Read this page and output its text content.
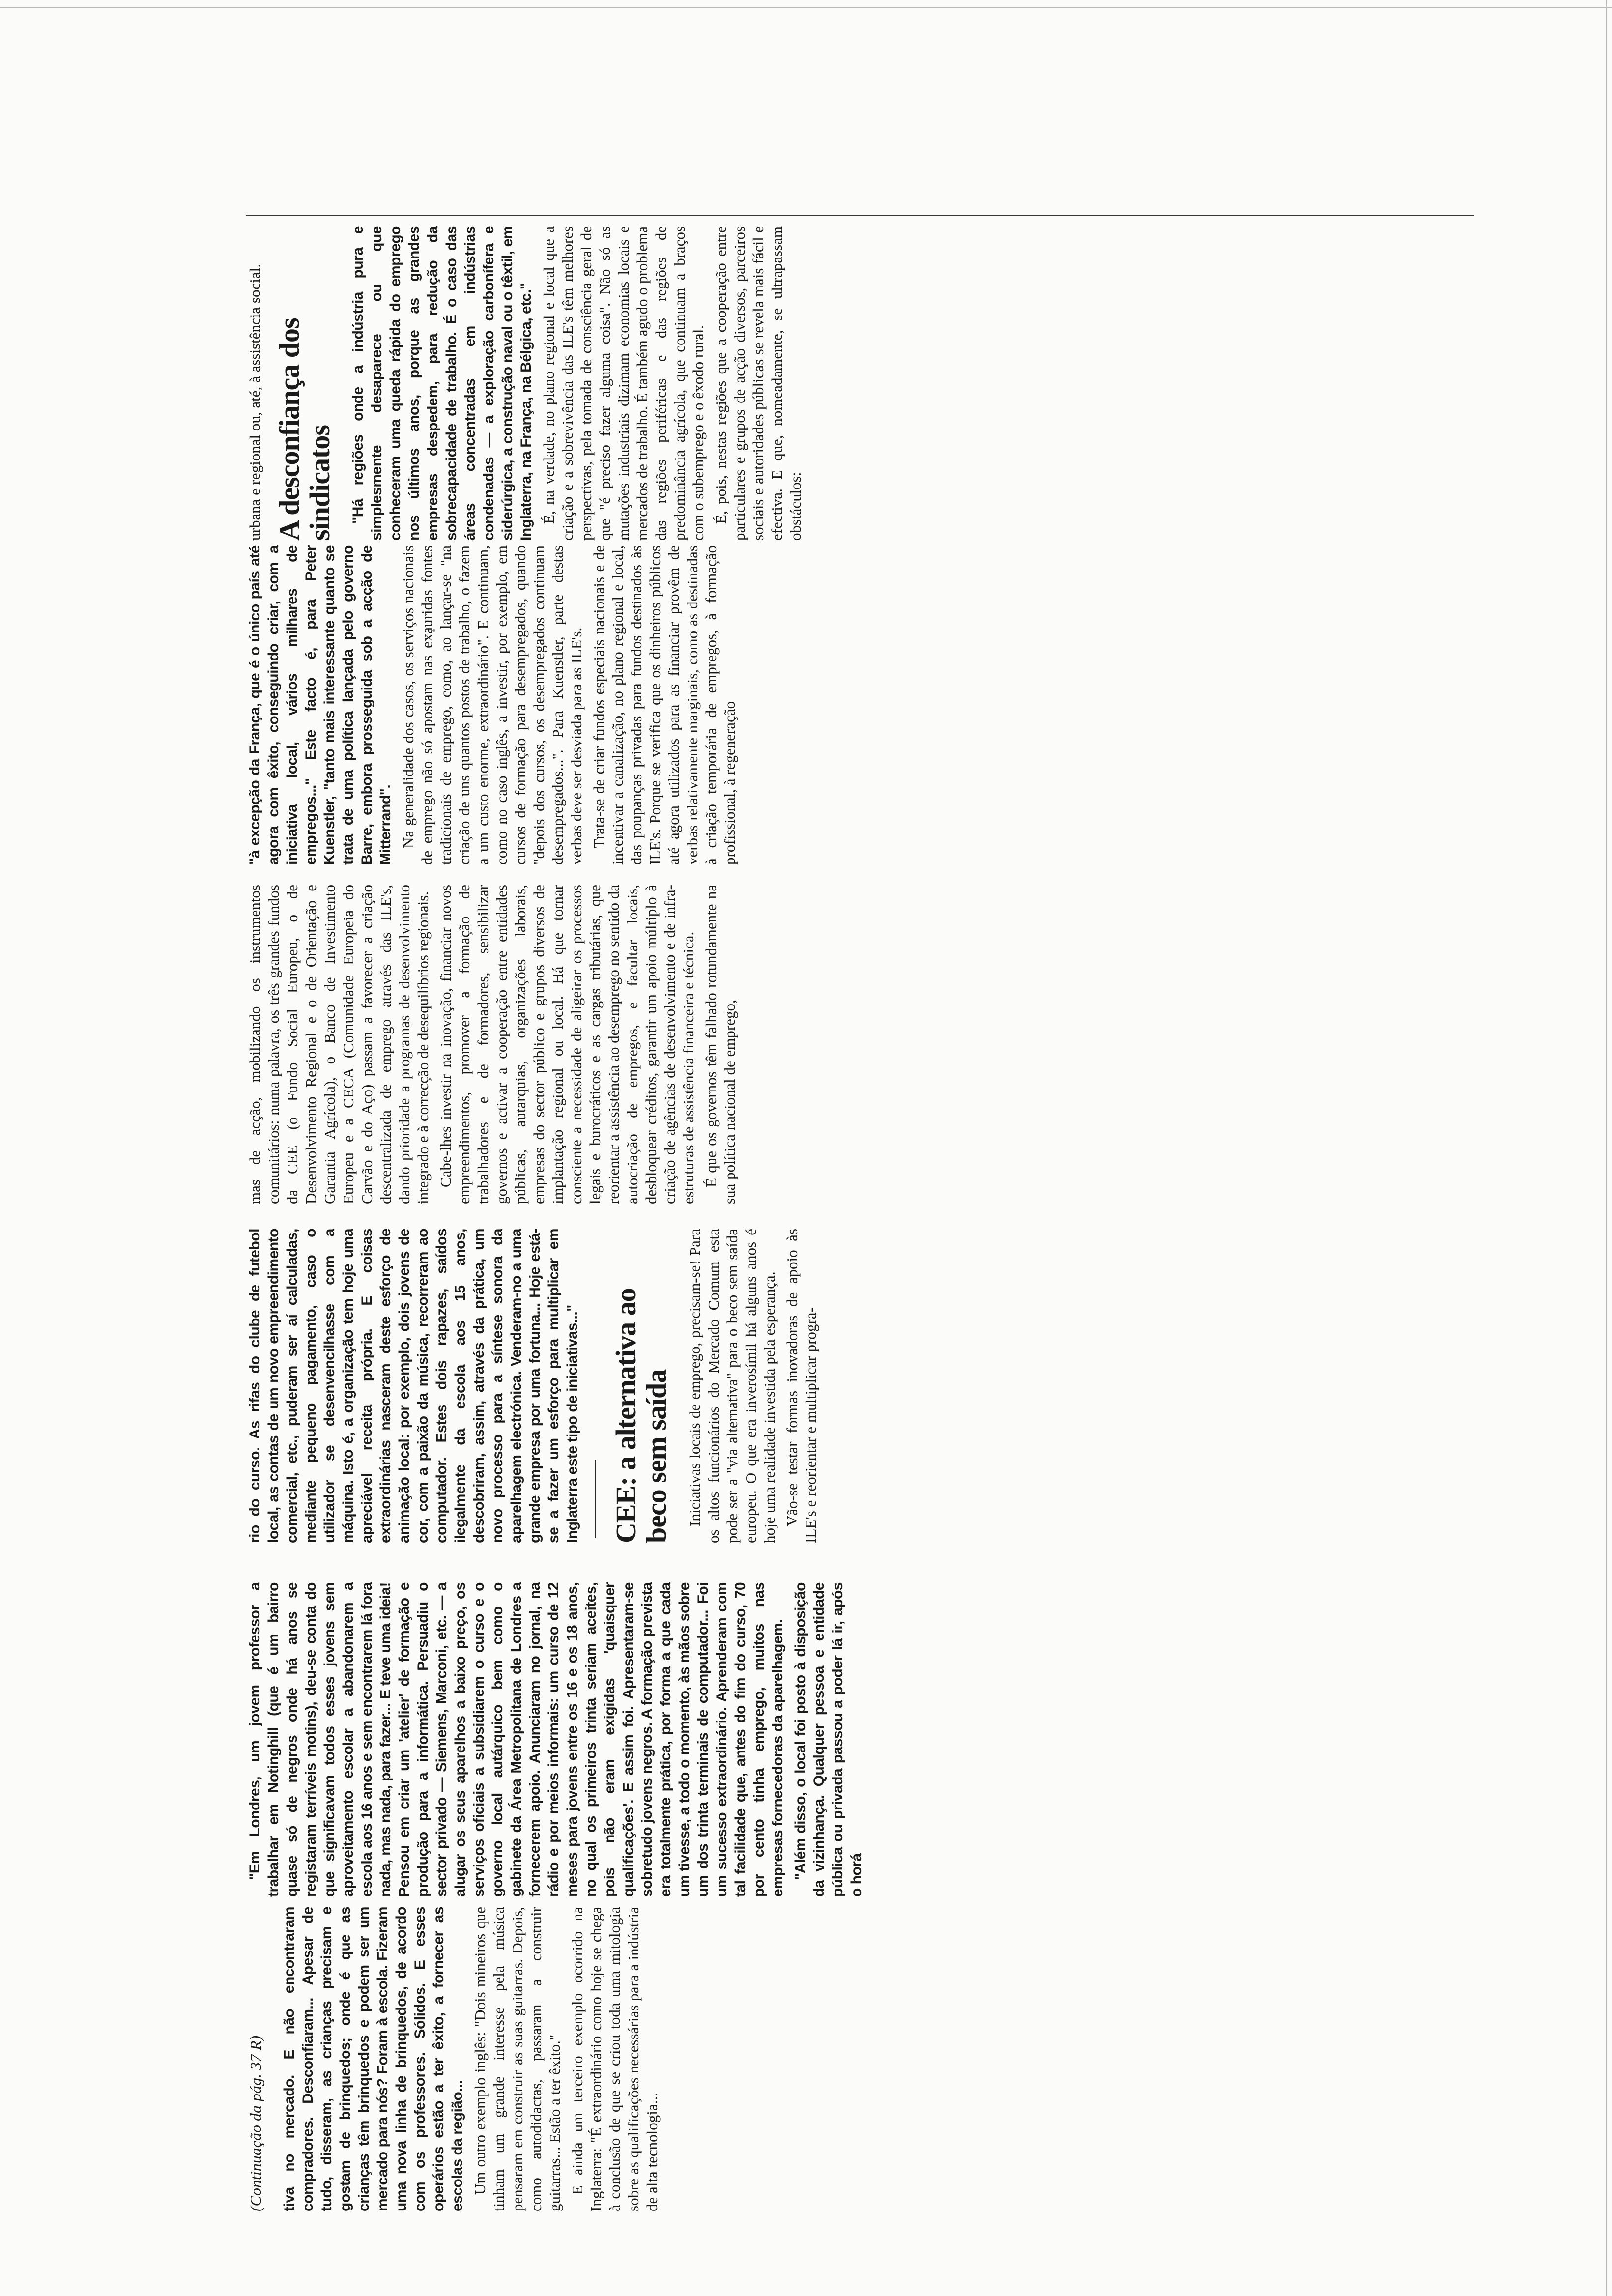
(Continuação da pág. 37 R) tiva no mercado. E não encontraram compradores. Desconfiaram... Apesar de tudo, disseram, as crianças precisam e gostam de brinquedos; onde é que as crianças têm brinquedos e podem ser um mercado para nós? Foram à escola. Fizeram uma nova linha de brinquedos, de acordo com os professores. Sólidos. E esses operários estão a ter êxito, a fornecer as escolas da região... Um outro exemplo inglês: "Dois mineiros que tinham um grande interesse pela música pensaram em construir as suas guitarras. Depois, como autodidactas, passaram a construir guitarras... Estão a ter êxito." E ainda um terceiro exemplo ocorrido na Inglaterra: "É extraordinário como hoje se chega à conclusão de que se criou toda uma mitologia sobre as qualificações necessárias para a indústria de alta tecnologia...

"Em Londres, um jovem professor a trabalhar em Notinghill (que é um bairro quase só de negros onde há anos se registaram terríveis motins), deu-se conta do que significavam todos esses jovens sem aproveitamento escolar a abandonarem a escola aos 16 anos e sem encontrarem lá fora nada, mas nada, para fazer... E teve uma ideia! Pensou em criar um 'atelier' de formação e produção para a informática. Persuadiu o sector privado — Siemens, Marconi, etc. — a alugar os seus aparelhos a baixo preço, os serviços oficiais a subsidiarem o curso e o governo local autárquico bem como o gabinete da Área Metropolitana de Londres a fornecerem apoio. Anunciaram no jornal, na rádio e por meios informais: um curso de 12 meses para jovens entre os 16 e os 18 anos, no qual os primeiros trinta seriam aceites, pois não eram exigidas 'quaisquer qualificações'. E assim foi. Apresentaram-se sobretudo jovens negros. A formação prevista era totalmente prática, por forma a que cada um tivesse, a todo o momento, às mãos sobre um dos trinta terminais de computador... Foi um sucesso extraordinário. Aprenderam com tal facilidade que, antes do fim do curso, 70 por cento tinha emprego, muitos nas empresas fornecedoras da aparelhagem. "Além disso, o local foi posto à disposição da vizinhança. Qualquer pessoa e entidade pública ou privada passou a poder lá ir, após o horá

rio do curso. As rifas do clube de futebol local, as contas de um novo empreendimento comercial, etc., puderam ser aí calculadas, mediante pequeno pagamento, caso o utilizador se desenvencilhasse com a máquina. Isto é, a organização tem hoje uma apreciável receita própria. E coisas extraordinárias nasceram deste esforço de animação local: por exemplo, dois jovens de cor, com a paixão da música, recorreram ao computador. Estes dois rapazes, saídos ilegalmente da escola aos 15 anos, descobriram, assim, através da prática, um novo processo para a síntese sonora da aparelhagem electrónica. Venderam-no a uma grande empresa por uma fortuna... Hoje está-se a fazer um esforço para multiplicar em Inglaterra este tipo de iniciativas..." CEE: a alternativa ao beco sem saída Iniciativas locais de emprego, precisam-se! Para os altos funcionários do Mercado Comum esta pode ser a "via alternativa" para o beco sem saída europeu. O que era inverosímil há alguns anos é hoje uma realidade investida pela esperança. Vão-se testar formas inovadoras de apoio às ILE's e reorientar e multiplicar progra-

mas de acção, mobilizando os instrumentos comunitários: numa palavra, os três grandes fundos da CEE (o Fundo Social Europeu, o de Desenvolvimento Regional e o de Orientação e Garantia Agrícola), o Banco de Investimento Europeu e a CECA (Comunidade Europeia do Carvão e do Aço) passam a favorecer a criação descentralizada de emprego através das ILE's, dando prioridade a programas de desenvolvimento integrado e à correcção de desequilíbrios regionais. Cabe-lhes investir na inovação, financiar novos empreendimentos, promover a formação de trabalhadores e de formadores, sensibilizar governos e activar a cooperação entre entidades públicas, autarquias, organizações laborais, empresas do sector público e grupos diversos de implantação regional ou local. Há que tornar consciente a necessidade de aligeirar os processos legais e burocráticos e as cargas tributárias, que reorientar a assistência ao desemprego no sentido da autocriação de empregos, e facultar locais, desbloquear créditos, garantir um apoio múltiplo à criação de agências de desenvolvimento e de infra-estruturas de assistência financeira e técnica. É que os governos têm falhado rotundamente na sua política nacional de emprego,

"à excepção da França, que é o único país até agora com êxito, conseguindo criar, com a iniciativa local, vários milhares de empregos..." Este facto é, para Peter Kuenstler, "tanto mais interessante quanto se trata de uma política lançada pelo governo Barre, embora prosseguida sob a acção de Mitterrand". Na generalidade dos casos, os serviços nacionais de emprego não só apostam nas exauridas fontes tradicionais de emprego, como, ao lançar-se "na criação de uns quantos postos de trabalho, o fazem a um custo enorme, extraordinário". E continuam, como no caso inglês, a investir, por exemplo, em cursos de formação para desempregados, quando "depois dos cursos, os desempregados continuam desempregados...". Para Kuenstler, parte destas verbas deve ser desviada para as ILE's. Trata-se de criar fundos especiais nacionais e de incentivar a canalização, no plano regional e local, das poupanças privadas para fundos destinados às ILE's. Porque se verifica que os dinheiros públicos até agora utilizados para as financiar provêm de verbas relativamente marginais, como as destinadas à criação temporária de empregos, à formação profissional, à regeneração

urbana e regional ou, até, à assistência social. A desconfiança dos sindicatos "Há regiões onde a indústria pura e simplesmente desaparece ou que conheceram uma queda rápida do emprego nos últimos anos, porque as grandes empresas despedem, para redução da sobrecapacidade de trabalho. É o caso das áreas concentradas em indústrias condenadas — a exploração carbonífera e siderúrgica, a construção naval ou o têxtil, em Inglaterra, na França, na Bélgica, etc." É, na verdade, no plano regional e local que a criação e a sobrevivência das ILE's têm melhores perspectivas, pela tomada de consciência geral de que "é preciso fazer alguma coisa". Não só as mutações industriais dizimam economias locais e mercados de trabalho. É também agudo o problema das regiões periféricas e das regiões de predominância agrícola, que continuam a braços com o subemprego e o êxodo rural. É, pois, nestas regiões que a cooperação entre particulares e grupos de acção diversos, parceiros sociais e autoridades públicas se revela mais fácil e efectiva. E que, nomeadamente, se ultrapassam obstáculos:
